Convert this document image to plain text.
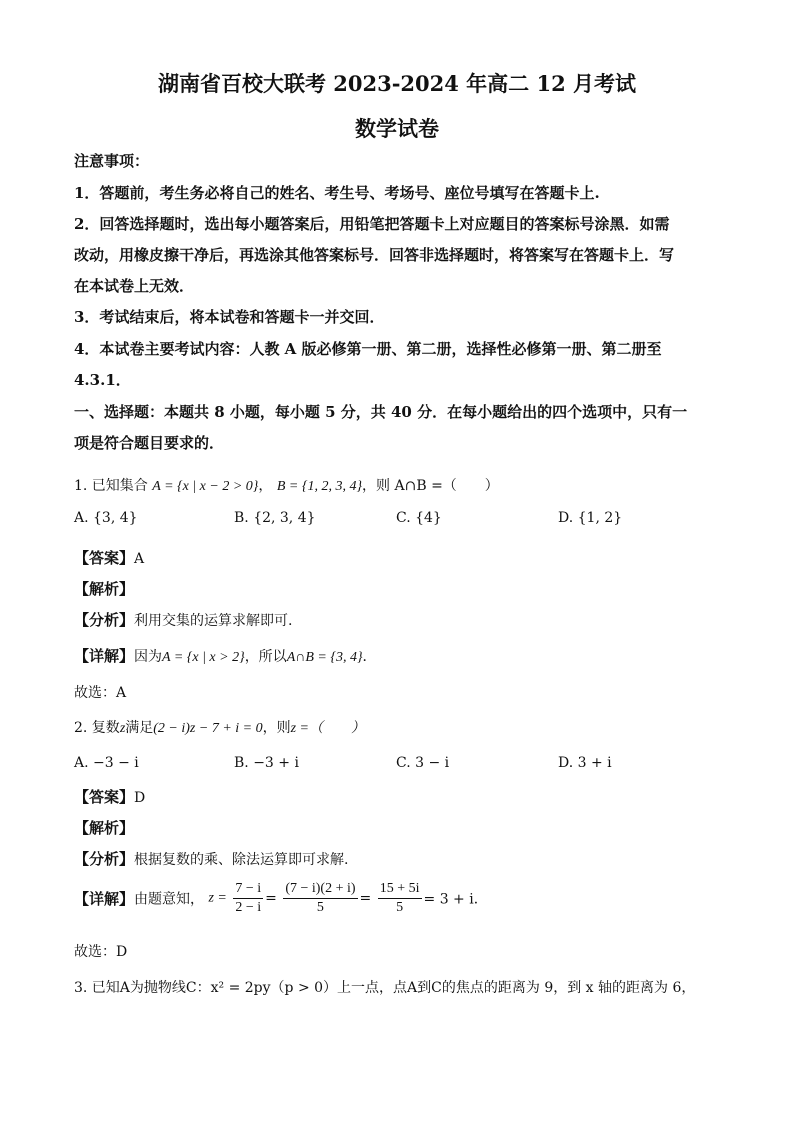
湖南省百校大联考 2023-2024 年高二 12 月考试
数学试卷
注意事项：
1．答题前，考生务必将自己的姓名、考生号、考场号、座位号填写在答题卡上.
2．回答选择题时，选出每小题答案后，用铅笔把答题卡上对应题目的答案标号涂黑．如需
改动，用橡皮擦干净后，再选涂其他答案标号．回答非选择题时，将答案写在答题卡上．写
在本试卷上无效．
3．考试结束后，将本试卷和答题卡一并交回．
4．本试卷主要考试内容：人教 A 版必修第一册、第二册，选择性必修第一册、第二册至
4.3.1．
一、选择题：本题共 8 小题，每小题 5 分，共 40 分．在每小题给出的四个选项中，只有一
项是符合题目要求的．
1. 已知集合 A = {x | x − 2 > 0}， B = {1, 2, 3, 4}，则 A∩B =（　　）
A. {3, 4}	B. {2, 3, 4}	C. {4}	D. {1, 2}
【答案】A
【解析】
【分析】利用交集的运算求解即可.
【详解】因为A = {x | x > 2}，所以A∩B = {3, 4}．
故选：A
2. 复数z满足(2 − i)z − 7 + i = 0，则z =（　　）
A. −3 − i	B. −3 + i	C. 3 − i	D. 3 + i
【答案】D
【解析】
【分析】根据复数的乘、除法运算即可求解.
【详解】由题意知， $z = \frac{7 - i}{2 - i} = \frac{(7 - i)(2 + i)}{5} = \frac{15 + 5i}{5} = 3 + i$．
故选：D
3. 已知A为抛物线C：x² = 2py（p > 0）上一点，点A到C的焦点的距离为 9，到 x 轴的距离为 6，
